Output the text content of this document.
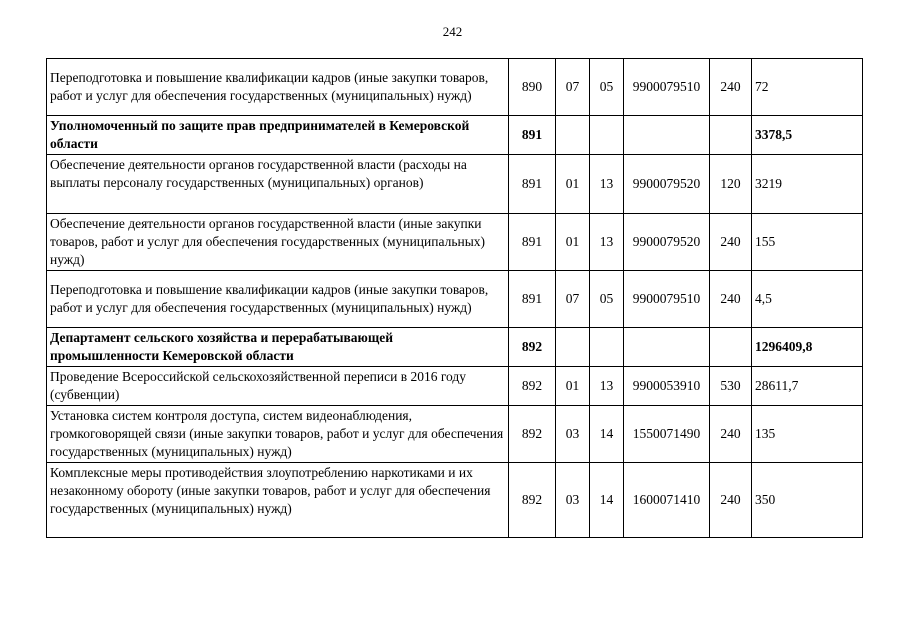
242
Переподготовка и повышение квалификации кадров (иные закупки товаров, работ и услуг для обеспечения государственных (муниципальных) нужд)	890	07	05	9900079510	240	72
Уполномоченный по защите прав предпринимателей в Кемеровской области	891					3378,5
Обеспечение деятельности органов государственной власти (расходы на выплаты персоналу государственных (муниципальных) органов)	891	01	13	9900079520	120	3219
Обеспечение деятельности органов государственной власти (иные закупки товаров, работ и услуг для обеспечения государственных (муниципальных) нужд)	891	01	13	9900079520	240	155
Переподготовка и повышение квалификации кадров (иные закупки товаров, работ и услуг для обеспечения государственных (муниципальных) нужд)	891	07	05	9900079510	240	4,5
Департамент сельского хозяйства и перерабатывающей промышленности Кемеровской области	892					1296409,8
Проведение Всероссийской сельскохозяйственной переписи в 2016 году (субвенции)	892	01	13	9900053910	530	28611,7
Установка систем контроля доступа, систем видеонаблюдения, громкоговорящей связи (иные закупки товаров, работ и услуг для обеспечения государственных (муниципальных) нужд)	892	03	14	1550071490	240	135
Комплексные меры противодействия злоупотреблению наркотиками и их незаконному обороту (иные закупки товаров, работ и услуг для обеспечения государственных (муниципальных) нужд)	892	03	14	1600071410	240	350
